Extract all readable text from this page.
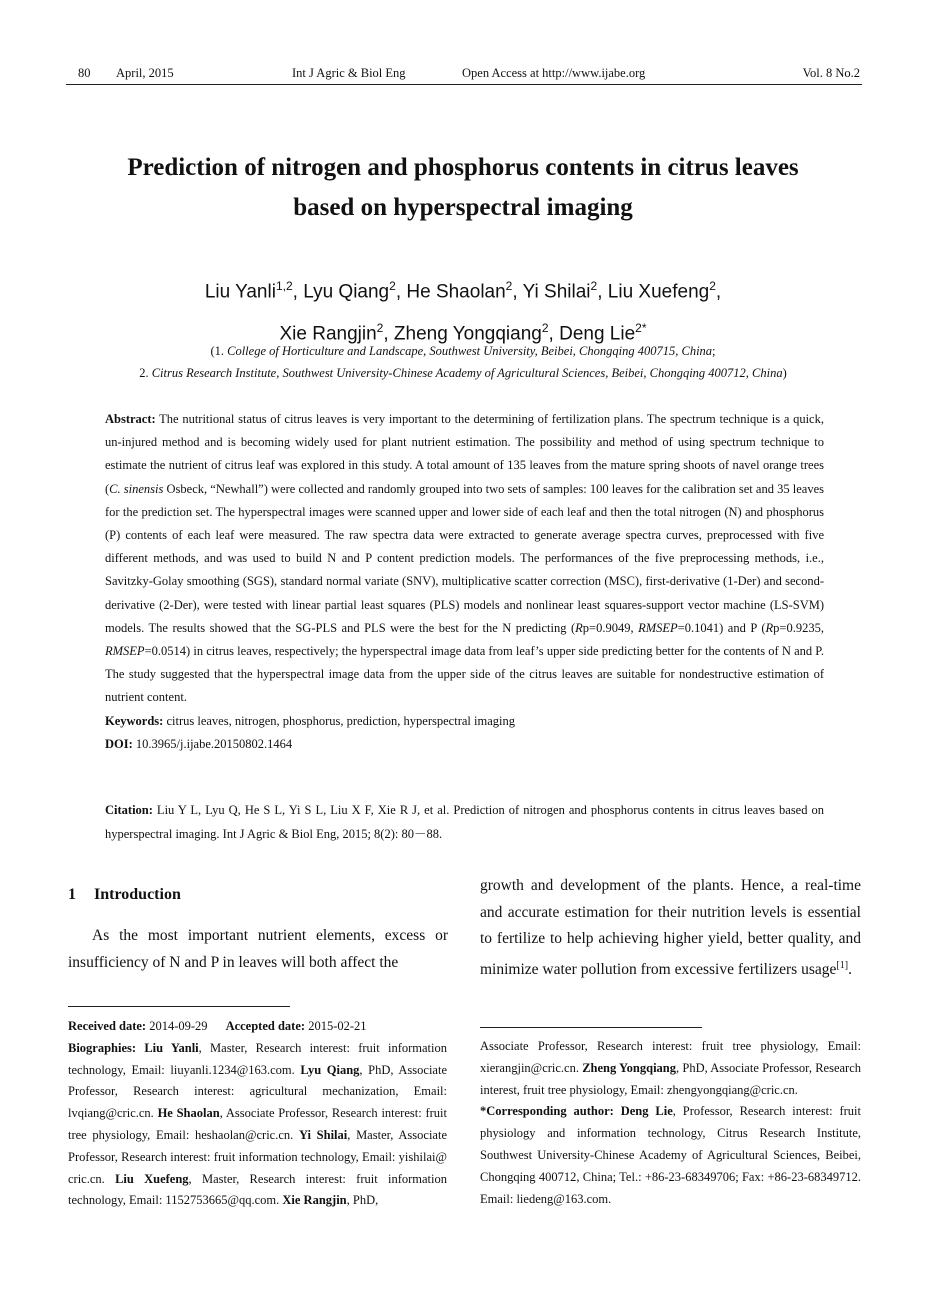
80 April, 2015	Int J Agric & Biol Eng	Open Access at http://www.ijabe.org	Vol. 8 No.2
Prediction of nitrogen and phosphorus contents in citrus leaves
based on hyperspectral imaging
Liu Yanli$^{1,2}$, Lyu Qiang$^2$, He Shaolan$^2$, Yi Shilai$^2$, Liu Xuefeng$^2$,
Xie Rangjin$^2$, Zheng Yongqiang$^2$, Deng Lie$^{2*}$
(1. College of Horticulture and Landscape, Southwest University, Beibei, Chongqing 400715, China;
2. Citrus Research Institute, Southwest University-Chinese Academy of Agricultural Sciences, Beibei, Chongqing 400712, China)
Abstract: The nutritional status of citrus leaves is very important to the determining of fertilization plans. The spectrum technique is a quick, un-injured method and is becoming widely used for plant nutrient estimation. The possibility and method of using spectrum technique to estimate the nutrient of citrus leaf was explored in this study. A total amount of 135 leaves from the mature spring shoots of navel orange trees (C. sinensis Osbeck, “Newhall”) were collected and randomly grouped into two sets of samples: 100 leaves for the calibration set and 35 leaves for the prediction set. The hyperspectral images were scanned upper and lower side of each leaf and then the total nitrogen (N) and phosphorus (P) contents of each leaf were measured. The raw spectra data were extracted to generate average spectra curves, preprocessed with five different methods, and was used to build N and P content prediction models. The performances of the five preprocessing methods, i.e., Savitzky-Golay smoothing (SGS), standard normal variate (SNV), multiplicative scatter correction (MSC), first-derivative (1-Der) and second-derivative (2-Der), were tested with linear partial least squares (PLS) models and nonlinear least squares-support vector machine (LS-SVM) models. The results showed that the SG-PLS and PLS were the best for the N predicting (Rp=0.9049, RMSEP=0.1041) and P (Rp=0.9235, RMSEP=0.0514) in citrus leaves, respectively; the hyperspectral image data from leaf’s upper side predicting better for the contents of N and P. The study suggested that the hyperspectral image data from the upper side of the citrus leaves are suitable for nondestructive estimation of nutrient content.
Keywords: citrus leaves, nitrogen, phosphorus, prediction, hyperspectral imaging
DOI: 10.3965/j.ijabe.20150802.1464
Citation: Liu Y L, Lyu Q, He S L, Yi S L, Liu X F, Xie R J, et al. Prediction of nitrogen and phosphorus contents in citrus leaves based on hyperspectral imaging. Int J Agric & Biol Eng, 2015; 8(2): 80－88.
1 Introduction
As the most important nutrient elements, excess or insufficiency of N and P in leaves will both affect the
growth and development of the plants. Hence, a real-time and accurate estimation for their nutrition levels is essential to fertilize to help achieving higher yield, better quality, and minimize water pollution from excessive fertilizers usage[1].
Received date: 2014-09-29 Accepted date: 2015-02-21
Biographies: Liu Yanli, Master, Research interest: fruit information technology, Email: liuyanli.1234@163.com. Lyu Qiang, PhD, Associate Professor, Research interest: agricultural mechanization, Email: lvqiang@cric.cn. He Shaolan, Associate Professor, Research interest: fruit tree physiology, Email: heshaolan@cric.cn. Yi Shilai, Master, Associate Professor, Research interest: fruit information technology, Email: yishilai@ cric.cn. Liu Xuefeng, Master, Research interest: fruit information technology, Email: 1152753665@qq.com. Xie Rangjin, PhD,
Associate Professor, Research interest: fruit tree physiology, Email: xierangjin@cric.cn. Zheng Yongqiang, PhD, Associate Professor, Research interest, fruit tree physiology, Email: zhengyongqiang@cric.cn.
*Corresponding author: Deng Lie, Professor, Research interest: fruit physiology and information technology, Citrus Research Institute, Southwest University-Chinese Academy of Agricultural Sciences, Beibei, Chongqing 400712, China; Tel.: +86-23-68349706; Fax: +86-23-68349712. Email: liedeng@163.com.
